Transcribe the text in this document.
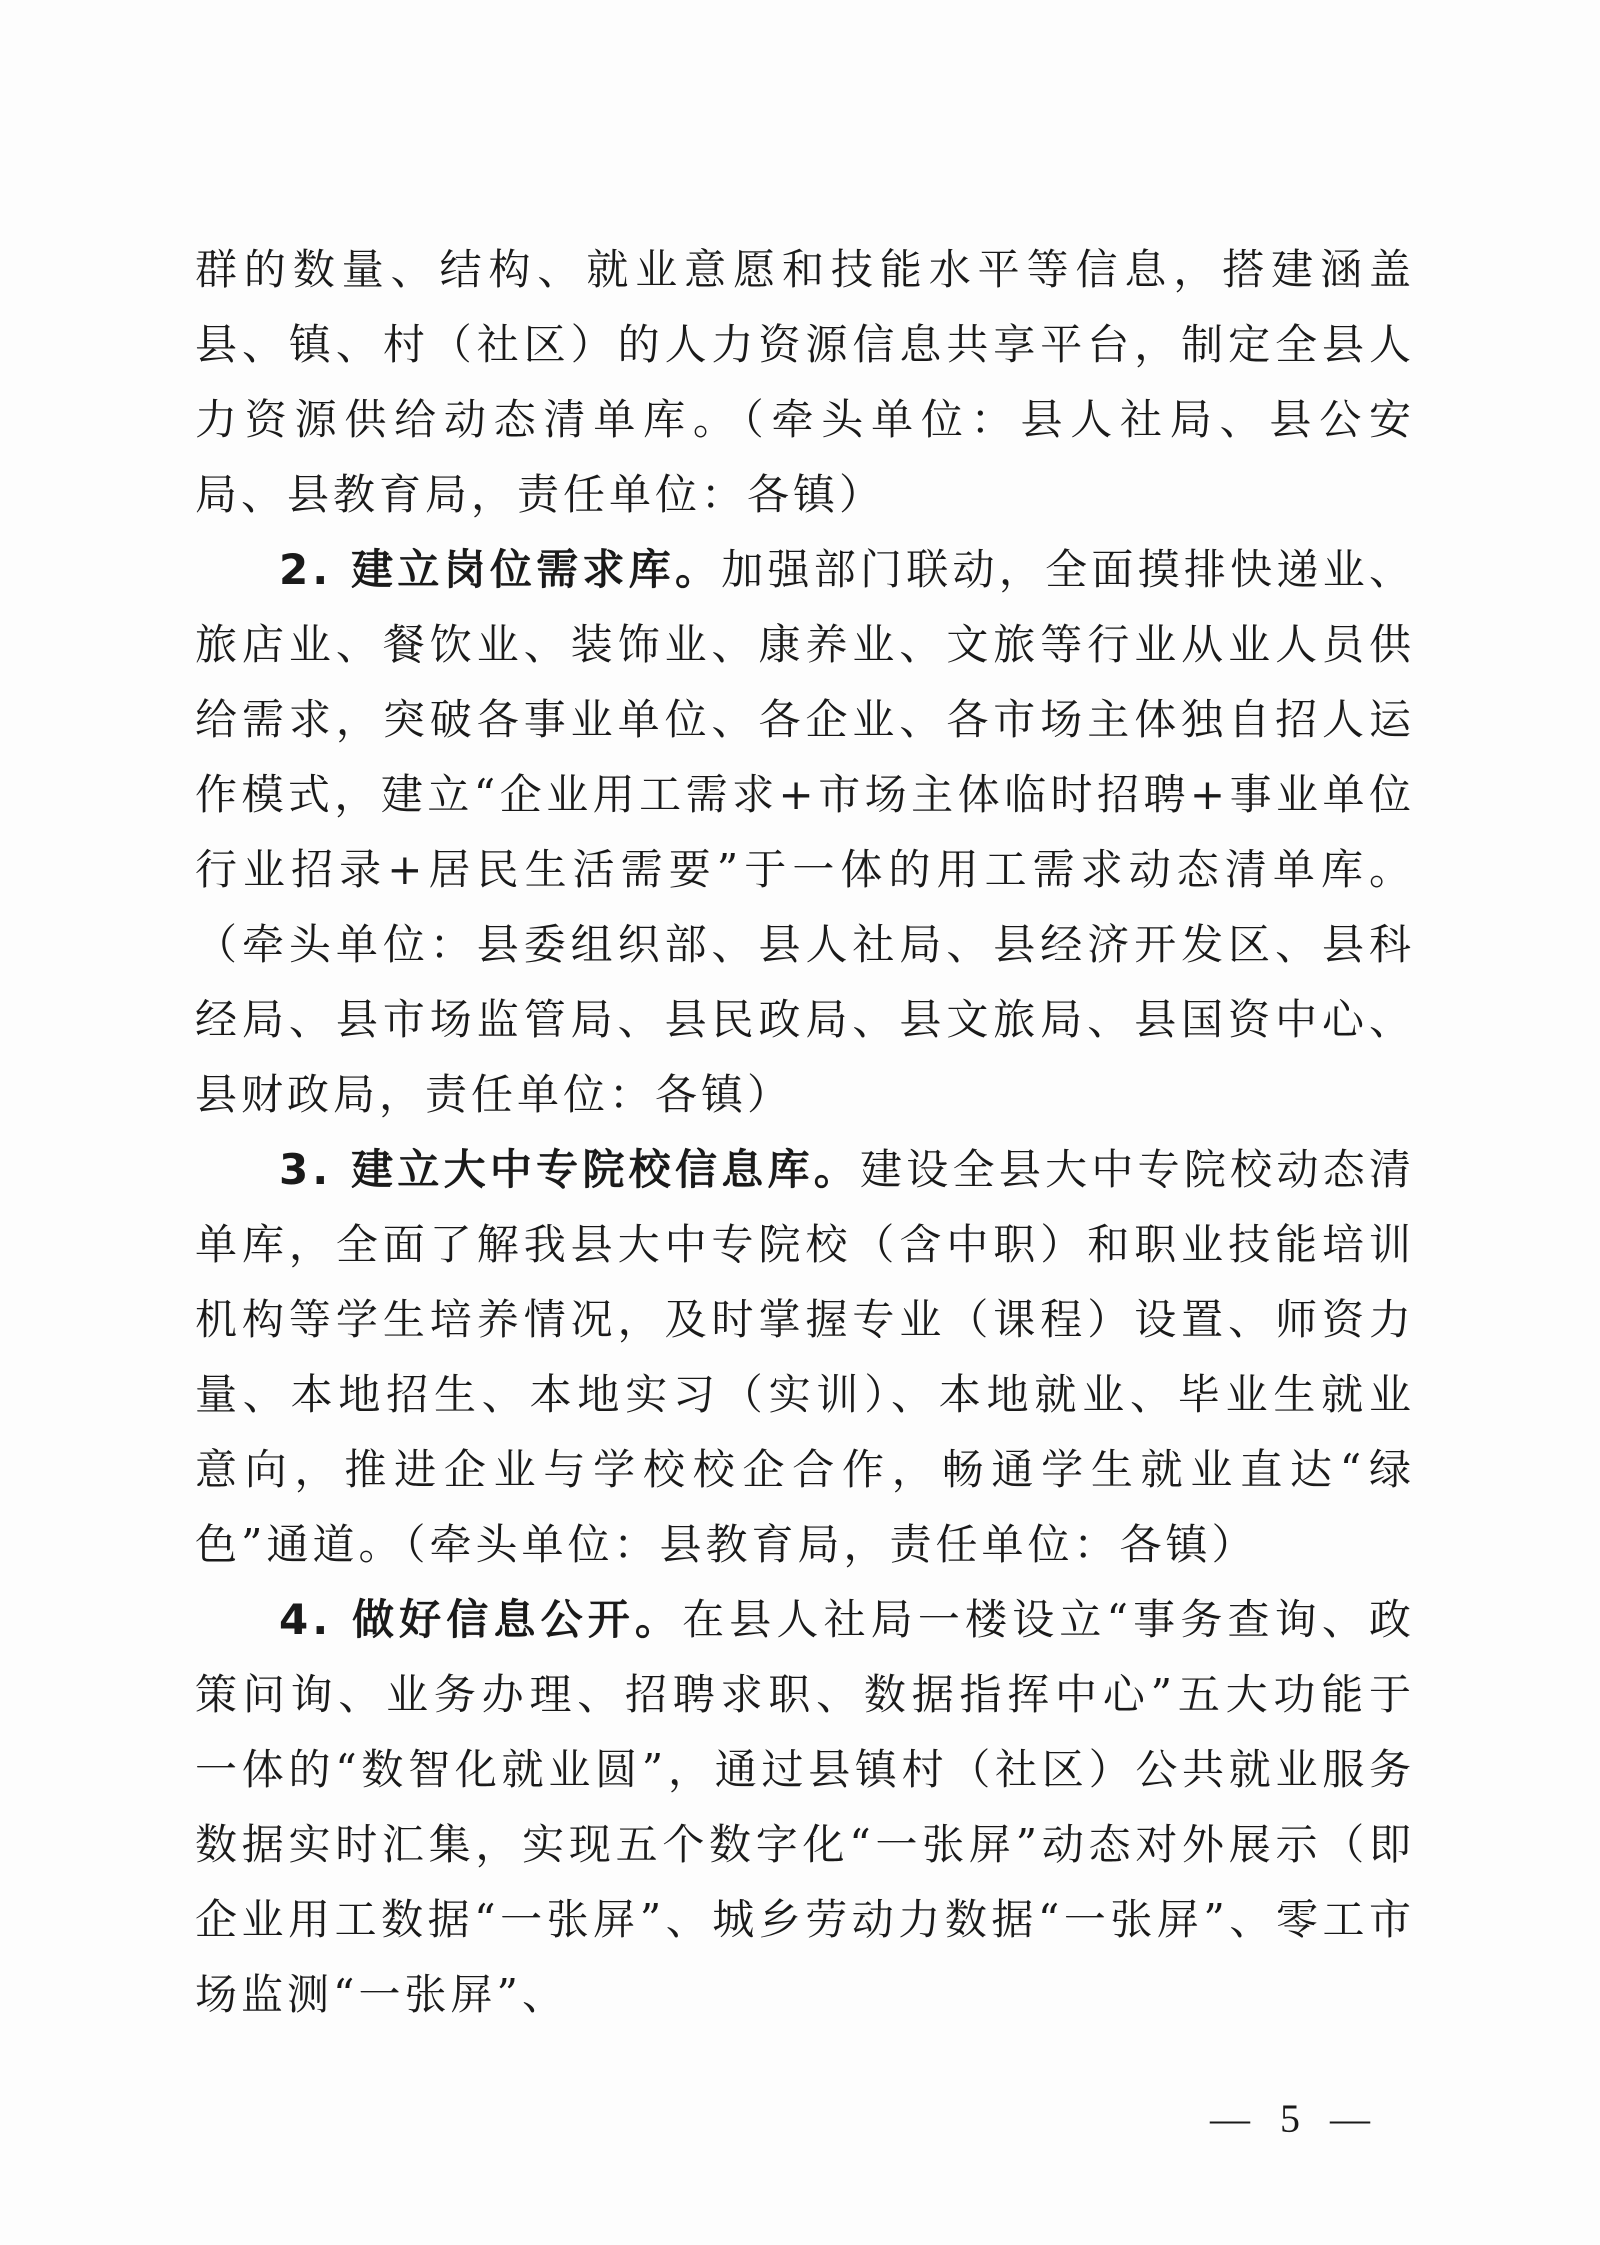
群的数量、结构、就业意愿和技能水平等信息，搭建涵盖县、镇、村（社区）的人力资源信息共享平台，制定全县人力资源供给动态清单库。（牵头单位：县人社局、县公安局、县教育局，责任单位：各镇）

2. 建立岗位需求库。加强部门联动，全面摸排快递业、旅店业、餐饮业、装饰业、康养业、文旅等行业从业人员供给需求，突破各事业单位、各企业、各市场主体独自招人运作模式，建立“企业用工需求+市场主体临时招聘+事业单位行业招录+居民生活需要”于一体的用工需求动态清单库。（牵头单位：县委组织部、县人社局、县经济开发区、县科经局、县市场监管局、县民政局、县文旅局、县国资中心、县财政局，责任单位：各镇）

3. 建立大中专院校信息库。建设全县大中专院校动态清单库，全面了解我县大中专院校（含中职）和职业技能培训机构等学生培养情况，及时掌握专业（课程）设置、师资力量、本地招生、本地实习（实训）、本地就业、毕业生就业意向，推进企业与学校校企合作，畅通学生就业直达“绿色”通道。（牵头单位：县教育局，责任单位：各镇）

4. 做好信息公开。在县人社局一楼设立“事务查询、政策问询、业务办理、招聘求职、数据指挥中心”五大功能于一体的“数智化就业圆”，通过县镇村（社区）公共就业服务数据实时汇集，实现五个数字化“一张屏”动态对外展示（即企业用工数据“一张屏”、城乡劳动力数据“一张屏”、零工市场监测“一张屏”、

— 5 —
